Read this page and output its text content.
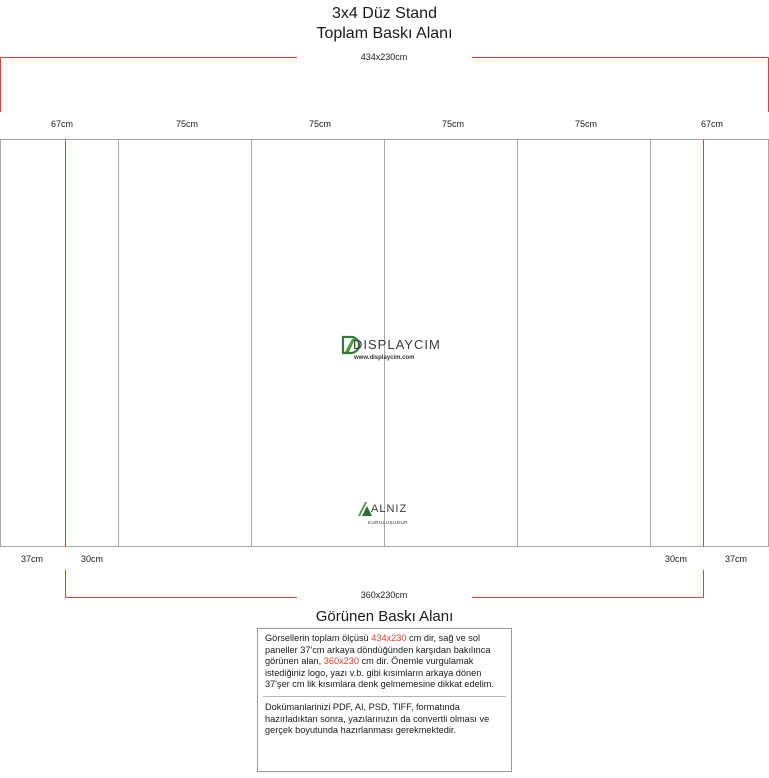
3x4 Düz Stand
Toplam Baskı Alanı
434x230cm
67cm	75cm	75cm	75cm	75cm	67cm
37cm	30cm	30cm	37cm
360x230cm
Görünen Baskı Alanı
DISPLAYCIM
www.displaycim.com
ALNIZ
KURULUŞUDUR
Görsellerin toplam ölçüsü 434x230 cm dir, sağ ve sol paneller 37'cm arkaya döndüğünden karşıdan bakılınca görünen alan, 360x230 cm dir. Önemle vurgulamak istediğiniz logo, yazı v.b. gibi kısımların arkaya dönen 37'şer cm lik kısımlara denk gelmemesine dikkat edelim.
Dokümanlarinizi PDF, AI, PSD, TIFF, formatında hazırladıktan sonra, yazılarınızın da convertli olması ve gerçek boyutunda hazırlanması gerekmektedir.
